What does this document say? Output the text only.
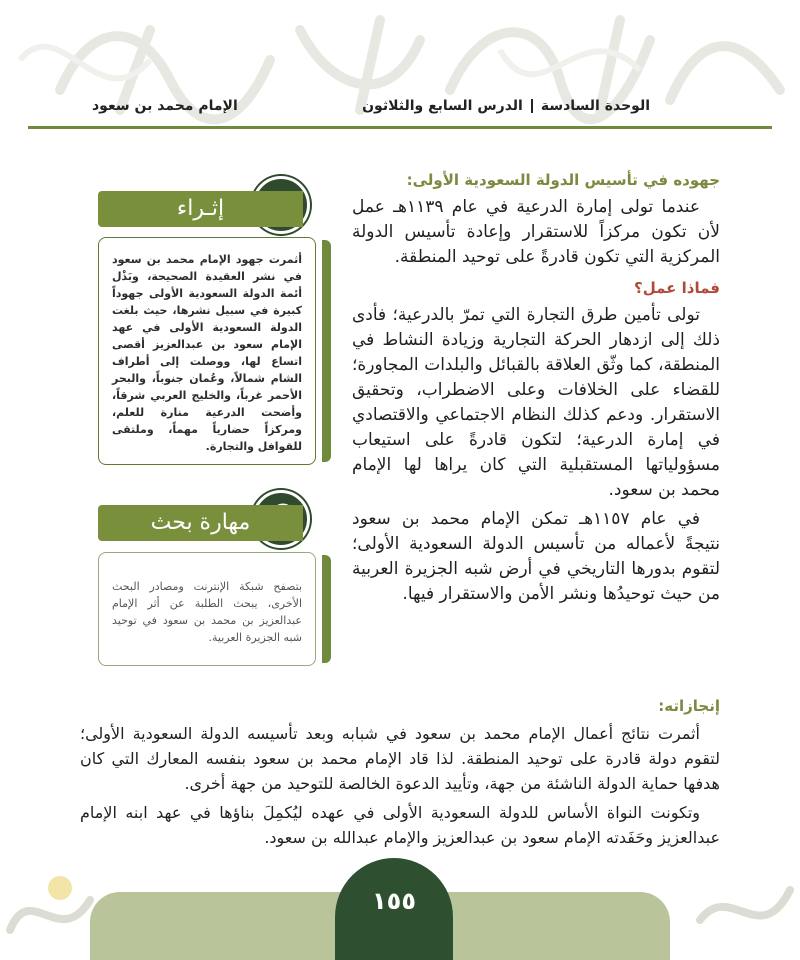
الوحدة السادسةالدرس السابع والثلاثون
الإمام محمد بن سعود
جهوده في تأسيس الدولة السعودية الأولى:

عندما تولى إمارة الدرعية في عام ١١٣٩هـ عمل لأن تكون مركزاً للاستقرار وإعادة تأسيس الدولة المركزية التي تكون قادرةً على توحيد المنطقة.

فماذا عمل؟

تولى تأمين طرق التجارة التي تمرّ بالدرعية؛ فأدى ذلك إلى ازدهار الحركة التجارية وزيادة النشاط في المنطقة، كما وثّق العلاقة بالقبائل والبلدات المجاورة؛ للقضاء على الخلافات وعلى الاضطراب، وتحقيق الاستقرار. ودعم كذلك النظام الاجتماعي والاقتصادي في إمارة الدرعية؛ لتكون قادرةً على استيعاب مسؤولياتها المستقبلية التي كان يراها لها الإمام محمد بن سعود.

في عام ١١٥٧هـ تمكن الإمام محمد بن سعود نتيجةً لأعماله من تأسيس الدولة السعودية الأولى؛ لتقوم بدورها التاريخي في أرض شبه الجزيرة العربية من حيث توحيدُها ونشر الأمن والاستقرار فيها.

إثـراء
أثمرت جهود الإمام محمد بن سعود في نشر العقيدة الصحيحة، وبَذْل أئمة الدولة السعودية الأولى جهوداً كبيرة في سبيل نشرها، حيث بلغت الدولة السعودية الأولى في عهد الإمام سعود بن عبدالعزيز أقصى اتساع لها، ووصلت إلى أطراف الشام شمالاً، وعُمان جنوباً، والبحر الأحمر غرباً، والخليج العربي شرقاً، وأضحت الدرعية منارة للعلم، ومركزاً حضارياً مهماً، وملتقى للقوافل والتجارة.
مهارة بحث
بتصفح شبكة الإنترنت ومصادر البحث الأخرى، يبحث الطلبة عن أثر الإمام عبدالعزيز بن محمد بن سعود في توحيد شبه الجزيرة العربية.
إنجازاته:

أثمرت نتائج أعمال الإمام محمد بن سعود في شبابه وبعد تأسيسه الدولة السعودية الأولى؛ لتقوم دولة قادرة على توحيد المنطقة. لذا قاد الإمام محمد بن سعود بنفسه المعارك التي كان هدفها حماية الدولة الناشئة من جهة، وتأييد الدعوة الخالصة للتوحيد من جهة أخرى.

وتكونت النواة الأساس للدولة السعودية الأولى في عهده ليُكمِلَ بناؤها في عهد ابنه الإمام عبدالعزيز وحَفَدته الإمام سعود بن عبدالعزيز والإمام عبدالله بن سعود.

١٥٥
